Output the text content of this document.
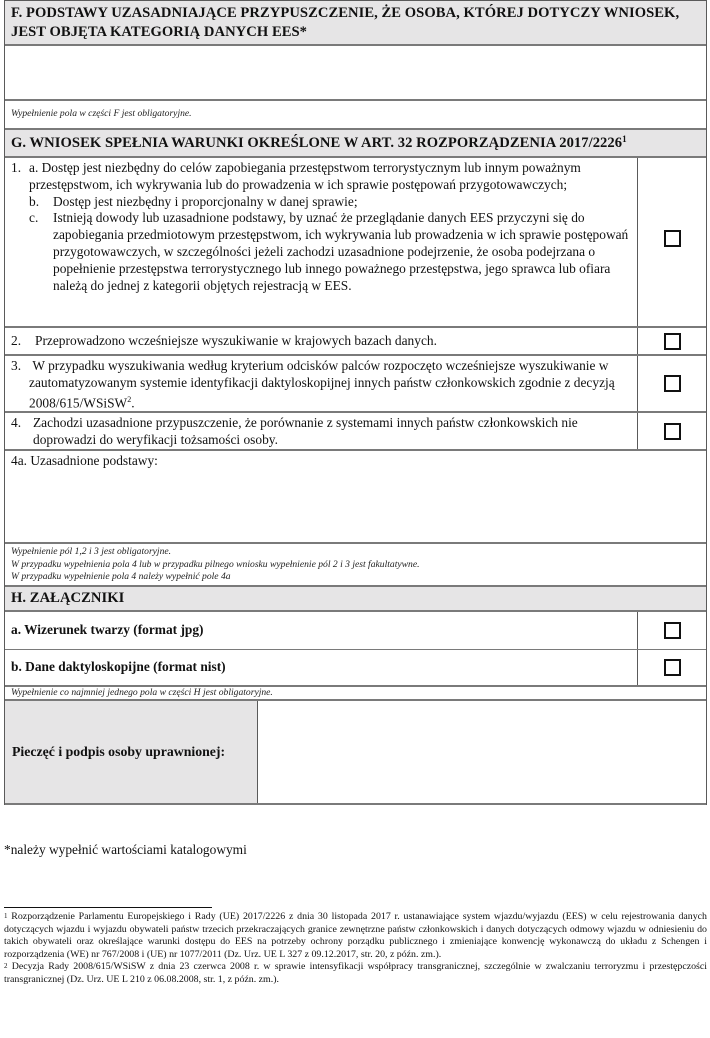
F. PODSTAWY UZASADNIAJĄCE PRZYPUSZCZENIE, ŻE OSOBA, KTÓREJ DOTYCZY WNIOSEK,
JEST OBJĘTA KATEGORIĄ DANYCH EES*
Wypełnienie pola w części F jest obligatoryjne.
G. WNIOSEK SPEŁNIA WARUNKI OKREŚLONE W ART. 32 ROZPORZĄDZENIA 2017/2226$^1$
1. a. Dostęp jest niezbędny do celów zapobiegania przestępstwom terrorystycznym lub innym poważnym przestępstwom, ich wykrywania lub do prowadzenia w ich sprawie postępowań przygotowawczych;
b.	Dostęp jest niezbędny i proporcjonalny w danej sprawie;
c.	Istnieją dowody lub uzasadnione podstawy, by uznać że przeglądanie danych EES przyczyni się do zapobiegania przedmiotowym przestępstwom, ich wykrywania lub prowadzenia w ich sprawie postępowań przygotowawczych, w szczególności jeżeli zachodzi uzasadnione podejrzenie, że osoba podejrzana o popełnienie przestępstwa terrorystycznego lub innego poważnego przestępstwa, jego sprawca lub ofiara należą do jednej z kategorii objętych rejestracją w EES.
2.	Przeprowadzono wcześniejsze wyszukiwanie w krajowych bazach danych.
3. W przypadku wyszukiwania według kryterium odcisków palców rozpoczęto wcześniejsze wyszukiwanie w zautomatyzowanym systemie identyfikacji daktyloskopijnej innych państw członkowskich zgodnie z decyzją 2008/615/WSiSW$^2$.
4. Zachodzi uzasadnione przypuszczenie, że porównanie z systemami innych państw członkowskich nie doprowadzi do weryfikacji tożsamości osoby.
4a. Uzasadnione podstawy:
Wypełnienie pól 1,2 i 3 jest obligatoryjne.
W przypadku wypełnienia pola 4 lub w przypadku pilnego wniosku wypełnienie pól 2 i 3 jest fakultatywne.
W przypadku wypełnienie pola 4 należy wypełnić pole 4a
H. ZAŁĄCZNIKI
a. Wizerunek twarzy (format jpg)
b. Dane daktyloskopijne (format nist)
Wypełnienie co najmniej jednego pola w części H jest obligatoryjne.
Pieczęć i podpis osoby uprawnionej:
*należy wypełnić wartościami katalogowymi
$^1$ Rozporządzenie Parlamentu Europejskiego i Rady (UE) 2017/2226 z dnia 30 listopada 2017 r. ustanawiające system wjazdu/wyjazdu (EES) w celu rejestrowania danych dotyczących wjazdu i wyjazdu obywateli państw trzecich przekraczających granice zewnętrzne państw członkowskich i danych dotyczących odmowy wjazdu w odniesieniu do takich obywateli oraz określające warunki dostępu do EES na potrzeby ochrony porządku publicznego i zmieniające konwencję wykonawczą do układu z Schengen i rozporządzenia (WE) nr 767/2008 i (UE) nr 1077/2011 (Dz. Urz. UE L 327 z 09.12.2017, str. 20, z późn. zm.).
$^2$ Decyzja Rady 2008/615/WSiSW z dnia 23 czerwca 2008 r. w sprawie intensyfikacji współpracy transgranicznej, szczególnie w zwalczaniu terroryzmu i przestępczości transgranicznej (Dz. Urz. UE L 210 z 06.08.2008, str. 1, z późn. zm.).
